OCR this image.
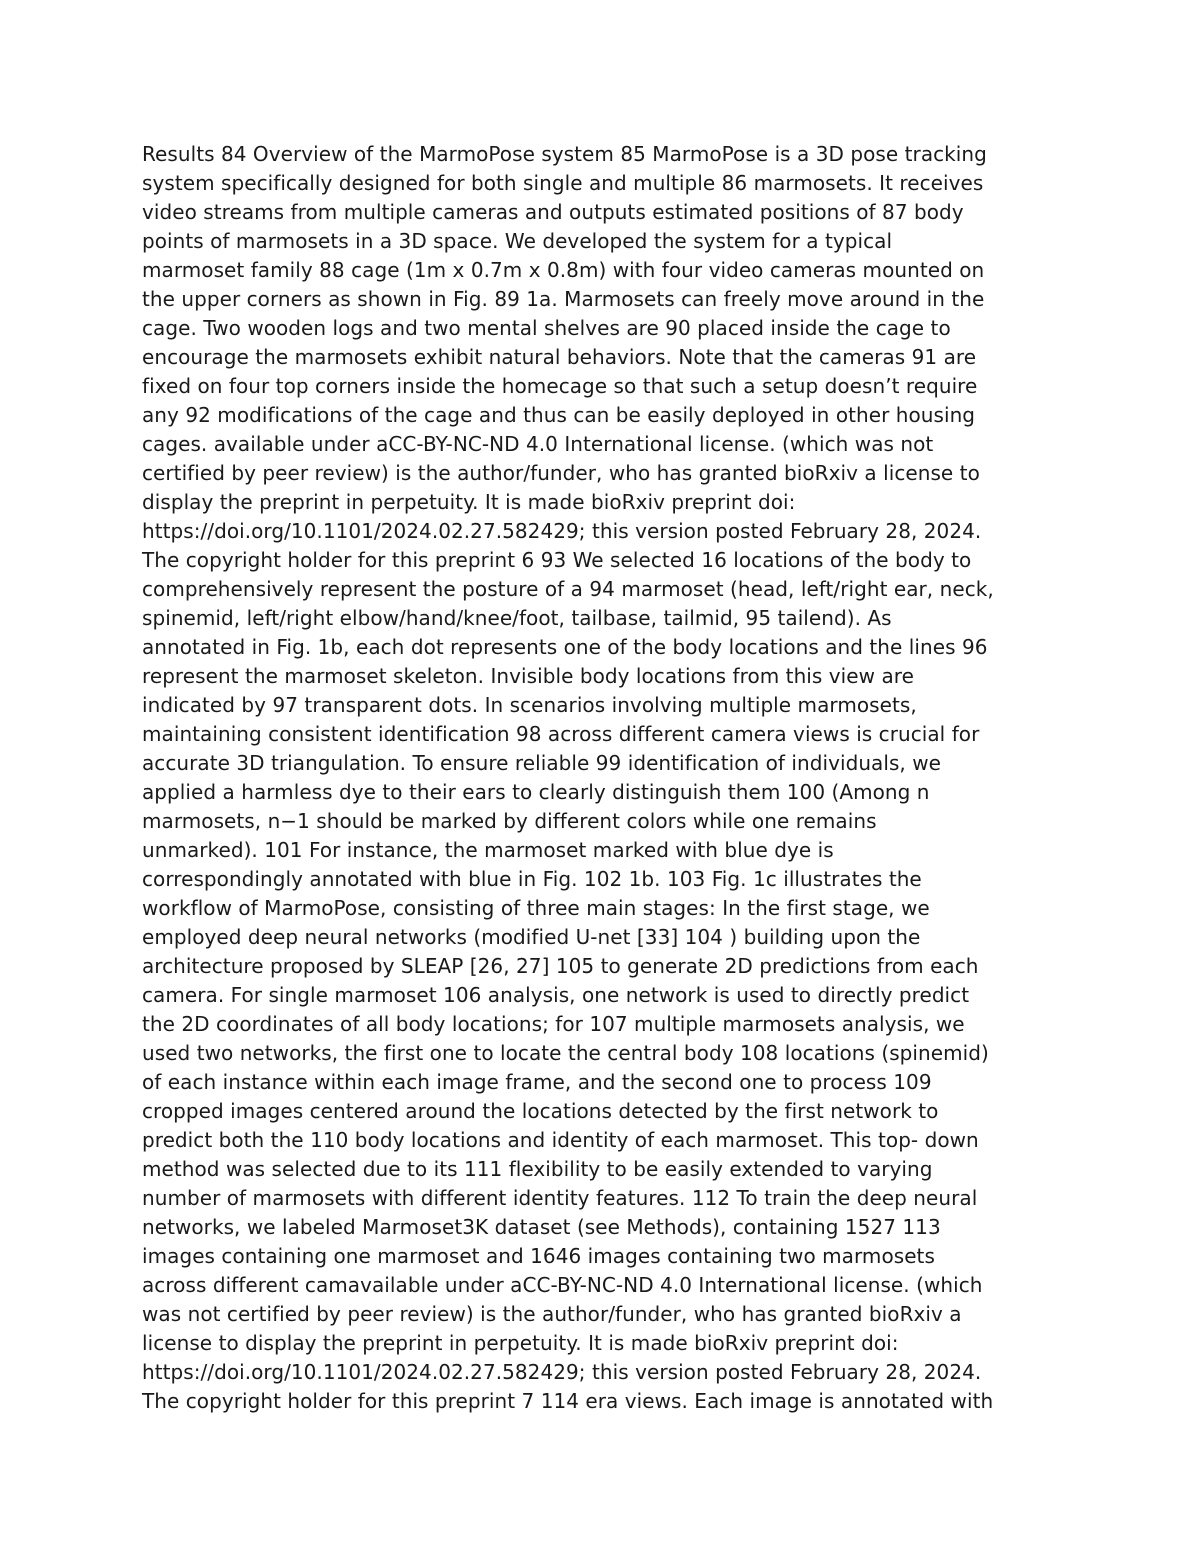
Results 84 Overview of the MarmoPose system 85 MarmoPose is a 3D pose tracking
system specifically designed for both single and multiple 86 marmosets. It receives
video streams from multiple cameras and outputs estimated positions of 87 body
points of marmosets in a 3D space. We developed the system for a typical
marmoset family 88 cage (1m x 0.7m x 0.8m) with four video cameras mounted on
the upper corners as shown in Fig. 89 1a. Marmosets can freely move around in the
cage. Two wooden logs and two mental shelves are 90 placed inside the cage to
encourage the marmosets exhibit natural behaviors. Note that the cameras 91 are
fixed on four top corners inside the homecage so that such a setup doesn’t require
any 92 modifications of the cage and thus can be easily deployed in other housing
cages. available under aCC-BY-NC-ND 4.0 International license. (which was not
certified by peer review) is the author/funder, who has granted bioRxiv a license to
display the preprint in perpetuity. It is made bioRxiv preprint doi:
https://doi.org/10.1101/2024.02.27.582429; this version posted February 28, 2024.
The copyright holder for this preprint 6 93 We selected 16 locations of the body to
comprehensively represent the posture of a 94 marmoset (head, left/right ear, neck,
spinemid, left/right elbow/hand/knee/foot, tailbase, tailmid, 95 tailend). As
annotated in Fig. 1b, each dot represents one of the body locations and the lines 96
represent the marmoset skeleton. Invisible body locations from this view are
indicated by 97 transparent dots. In scenarios involving multiple marmosets,
maintaining consistent identification 98 across different camera views is crucial for
accurate 3D triangulation. To ensure reliable 99 identification of individuals, we
applied a harmless dye to their ears to clearly distinguish them 100 (Among n
marmosets, n−1 should be marked by different colors while one remains
unmarked). 101 For instance, the marmoset marked with blue dye is
correspondingly annotated with blue in Fig. 102 1b. 103 Fig. 1c illustrates the
workflow of MarmoPose, consisting of three main stages: In the first stage, we
employed deep neural networks (modified U-net [33] 104 ) building upon the
architecture proposed by SLEAP [26, 27] 105 to generate 2D predictions from each
camera. For single marmoset 106 analysis, one network is used to directly predict
the 2D coordinates of all body locations; for 107 multiple marmosets analysis, we
used two networks, the first one to locate the central body 108 locations (spinemid)
of each instance within each image frame, and the second one to process 109
cropped images centered around the locations detected by the first network to
predict both the 110 body locations and identity of each marmoset. This top- down
method was selected due to its 111 flexibility to be easily extended to varying
number of marmosets with different identity features. 112 To train the deep neural
networks, we labeled Marmoset3K dataset (see Methods), containing 1527 113
images containing one marmoset and 1646 images containing two marmosets
across different camavailable under aCC-BY-NC-ND 4.0 International license. (which
was not certified by peer review) is the author/funder, who has granted bioRxiv a
license to display the preprint in perpetuity. It is made bioRxiv preprint doi:
https://doi.org/10.1101/2024.02.27.582429; this version posted February 28, 2024.
The copyright holder for this preprint 7 114 era views. Each image is annotated with
